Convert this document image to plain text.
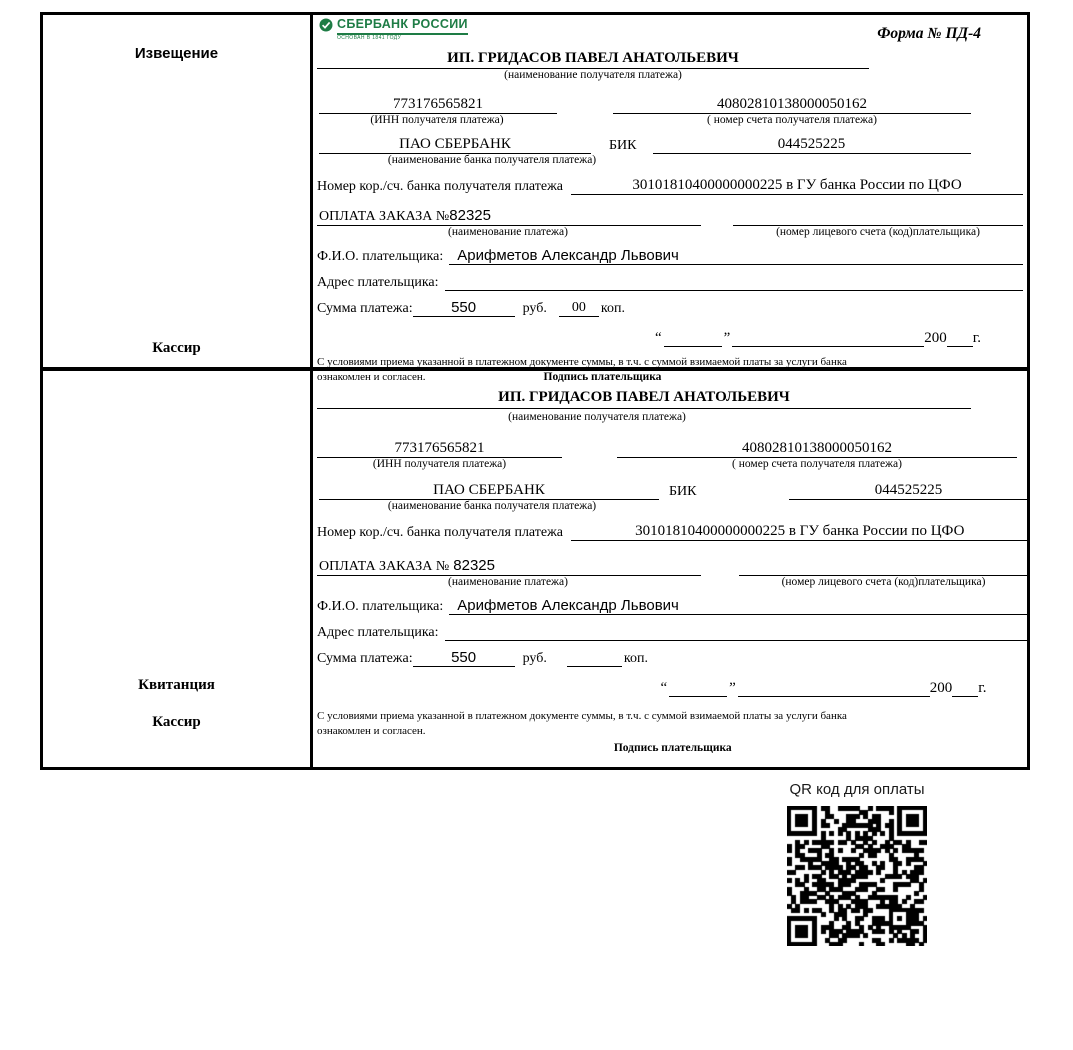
Извещение
Кассир
СБЕРБАНК РОССИИ
ОСНОВАН В 1841 ГОДУ	Форма № ПД-4
ИП. ГРИДАСОВ ПАВЕЛ АНАТОЛЬЕВИЧ
(наименование получателя платежа)
773176565821	40802810138000050162
(ИНН получателя платежа)	( номер счета получателя платежа)
ПАО СБЕРБАНК	БИК	044525225
(наименование банка получателя платежа)
Номер кор./сч. банка получателя платежа	30101810400000000225 в ГУ банка России по ЦФО
ОПЛАТА ЗАКАЗА №82325
(наименование платежа)	(номер лицевого счета (код)плательщика)
Ф.И.О. плательщика: Арифметов Александр Львович
Адрес плательщика:
Сумма платежа:	550	руб.	00	коп.
“	”	200 г.
С условиями приема указанной в платежном документе суммы, в т.ч. с суммой взимаемой платы за услуги банка
ознакомлен и согласен.	Подпись плательщика
Квитанция
Кассир
ИП. ГРИДАСОВ ПАВЕЛ АНАТОЛЬЕВИЧ
(наименование получателя платежа)
773176565821	40802810138000050162
(ИНН получателя платежа)	( номер счета получателя платежа)
ПАО СБЕРБАНК	БИК	044525225
(наименование банка получателя платежа)
Номер кор./сч. банка получателя платежа	30101810400000000225 в ГУ банка России по ЦФО
ОПЛАТА ЗАКАЗА № 82325
(наименование платежа)	(номер лицевого счета (код)плательщика)
Ф.И.О. плательщика: Арифметов Александр Львович
Адрес плательщика:
Сумма платежа:	550	руб.	коп.
“	”	200 г.
С условиями приема указанной в платежном документе суммы, в т.ч. с суммой взимаемой платы за услуги банка
ознакомлен и согласен.
Подпись плательщика
QR код для оплаты
